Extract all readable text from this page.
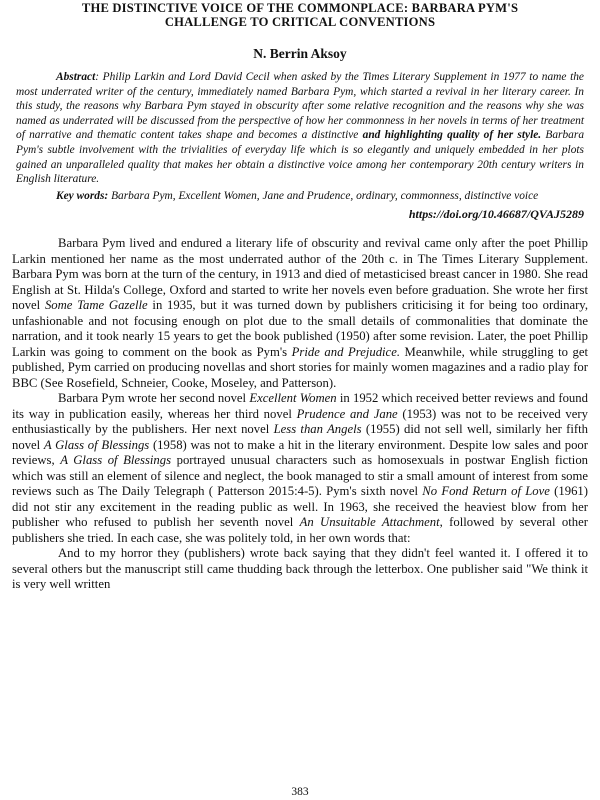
THE DISTINCTIVE VOICE OF THE COMMONPLACE: BARBARA PYM'S
CHALLENGE TO CRITICAL CONVENTIONS
N. Berrin Aksoy

Abstract: Philip Larkin and Lord David Cecil when asked by the Times Literary Supplement in 1977 to name the most underrated writer of the century, immediately named Barbara Pym, which started a revival in her literary career. In this study, the reasons why Barbara Pym stayed in obscurity after some relative recognition and the reasons why she was named as underrated will be discussed from the perspective of how her commonness in her novels in terms of her treatment of narrative and thematic content takes shape and becomes a distinctive and highlighting quality of her style. Barbara Pym's subtle involvement with the trivialities of everyday life which is so elegantly and uniquely embedded in her plots gained an unparalleled quality that makes her obtain a distinctive voice among her contemporary 20th century writers in English literature.

Key words: Barbara Pym, Excellent Women, Jane and Prudence, ordinary, commonness, distinctive voice

https://doi.org/10.46687/QVAJ5289

Barbara Pym lived and endured a literary life of obscurity and revival came only after the poet Phillip Larkin mentioned her name as the most underrated author of the 20th c. in The Times Literary Supplement. Barbara Pym was born at the turn of the century, in 1913 and died of metasticised breast cancer in 1980. She read English at St. Hilda's College, Oxford and started to write her novels even before graduation. She wrote her first novel Some Tame Gazelle in 1935, but it was turned down by publishers criticising it for being too ordinary, unfashionable and not focusing enough on plot due to the small details of commonalities that dominate the narration, and it took nearly 15 years to get the book published (1950) after some revision. Later, the poet Phillip Larkin was going to comment on the book as Pym's Pride and Prejudice. Meanwhile, while struggling to get published, Pym carried on producing novellas and short stories for mainly women magazines and a radio play for BBC (See Rosefield, Schneier, Cooke, Moseley, and Patterson).

Barbara Pym wrote her second novel Excellent Women in 1952 which received better reviews and found its way in publication easily, whereas her third novel Prudence and Jane (1953) was not to be received very enthusiastically by the publishers. Her next novel Less than Angels (1955) did not sell well, similarly her fifth novel A Glass of Blessings (1958) was not to make a hit in the literary environment. Despite low sales and poor reviews, A Glass of Blessings portrayed unusual characters such as homosexuals in postwar English fiction which was still an element of silence and neglect, the book managed to stir a small amount of interest from some reviews such as The Daily Telegraph ( Patterson 2015:4-5). Pym's sixth novel No Fond Return of Love (1961) did not stir any excitement in the reading public as well. In 1963, she received the heaviest blow from her publisher who refused to publish her seventh novel An Unsuitable Attachment, followed by several other publishers she tried. In each case, she was politely told, in her own words that:

And to my horror they (publishers) wrote back saying that they didn't feel wanted it. I offered it to several others but the manuscript still came thudding back through the letterbox. One publisher said "We think it is very well written

383
